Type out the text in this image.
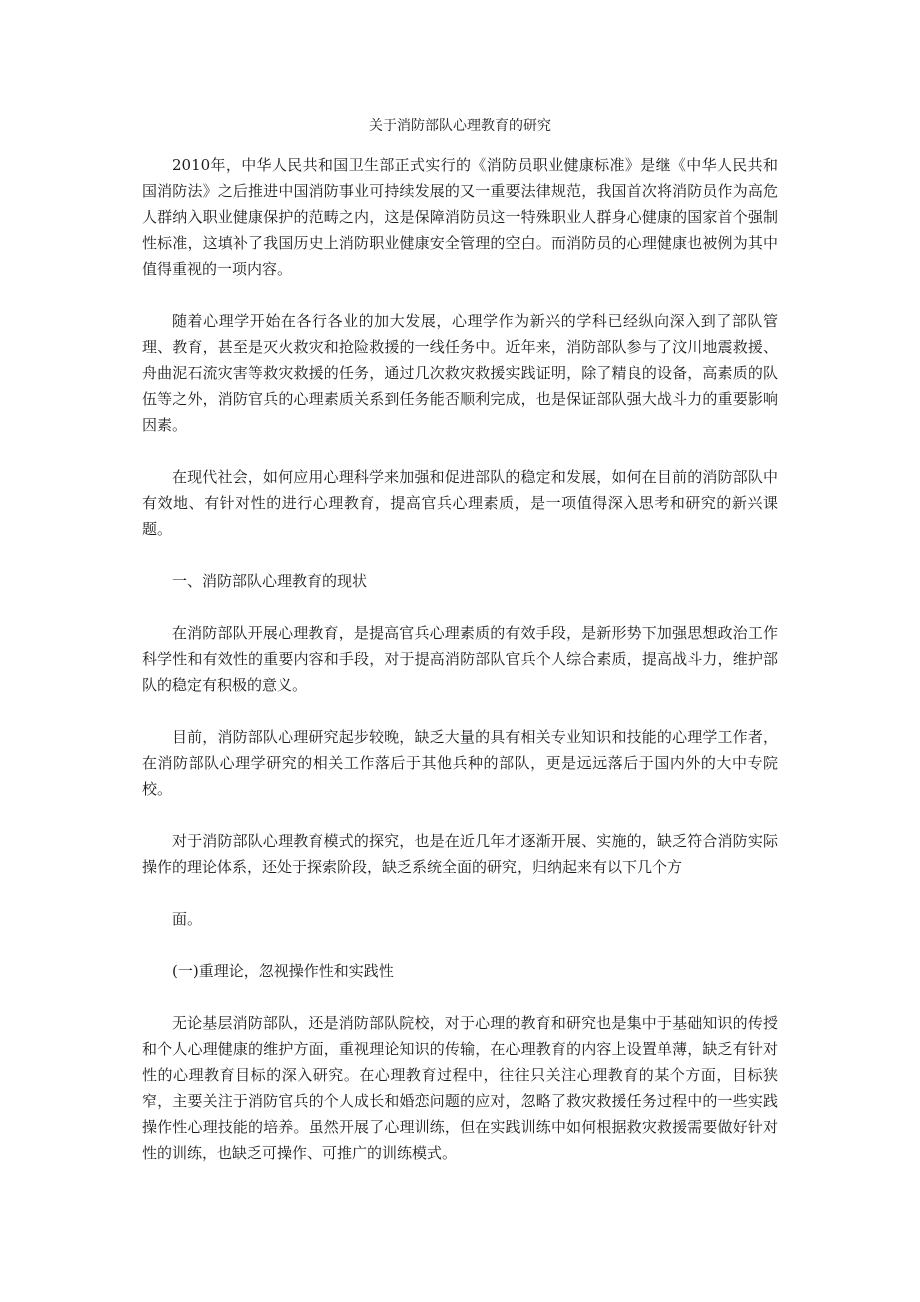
关于消防部队心理教育的研究

2010年，中华人民共和国卫生部正式实行的《消防员职业健康标准》是继《中华人民共和国消防法》之后推进中国消防事业可持续发展的又一重要法律规范，我国首次将消防员作为高危人群纳入职业健康保护的范畴之内，这是保障消防员这一特殊职业人群身心健康的国家首个强制性标准，这填补了我国历史上消防职业健康安全管理的空白。而消防员的心理健康也被例为其中值得重视的一项内容。

随着心理学开始在各行各业的加大发展，心理学作为新兴的学科已经纵向深入到了部队管理、教育，甚至是灭火救灾和抢险救援的一线任务中。近年来，消防部队参与了汶川地震救援、舟曲泥石流灾害等救灾救援的任务，通过几次救灾救援实践证明，除了精良的设备，高素质的队伍等之外，消防官兵的心理素质关系到任务能否顺利完成，也是保证部队强大战斗力的重要影响因素。

在现代社会，如何应用心理科学来加强和促进部队的稳定和发展，如何在目前的消防部队中有效地、有针对性的进行心理教育，提高官兵心理素质，是一项值得深入思考和研究的新兴课题。

一、消防部队心理教育的现状

在消防部队开展心理教育，是提高官兵心理素质的有效手段，是新形势下加强思想政治工作科学性和有效性的重要内容和手段，对于提高消防部队官兵个人综合素质，提高战斗力，维护部队的稳定有积极的意义。

目前，消防部队心理研究起步较晚，缺乏大量的具有相关专业知识和技能的心理学工作者，在消防部队心理学研究的相关工作落后于其他兵种的部队，更是远远落后于国内外的大中专院校。

对于消防部队心理教育模式的探究，也是在近几年才逐渐开展、实施的，缺乏符合消防实际操作的理论体系，还处于探索阶段，缺乏系统全面的研究，归纳起来有以下几个方

面。

(一)重理论，忽视操作性和实践性

无论基层消防部队，还是消防部队院校，对于心理的教育和研究也是集中于基础知识的传授和个人心理健康的维护方面，重视理论知识的传输，在心理教育的内容上设置单薄，缺乏有针对性的心理教育目标的深入研究。在心理教育过程中，往往只关注心理教育的某个方面，目标狭窄，主要关注于消防官兵的个人成长和婚恋问题的应对，忽略了救灾救援任务过程中的一些实践操作性心理技能的培养。虽然开展了心理训练，但在实践训练中如何根据救灾救援需要做好针对性的训练，也缺乏可操作、可推广的训练模式。
